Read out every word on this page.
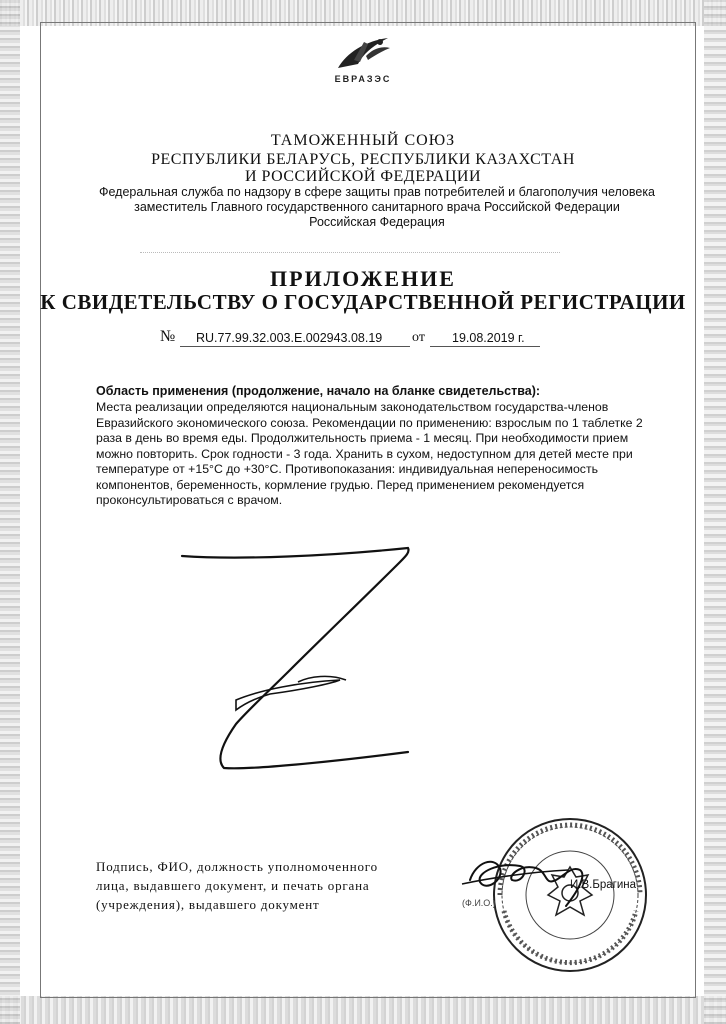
ЕВРАЗЭС
ТАМОЖЕННЫЙ СОЮЗ
РЕСПУБЛИКИ БЕЛАРУСЬ, РЕСПУБЛИКИ КАЗАХСТАН
И РОССИЙСКОЙ ФЕДЕРАЦИИ
Федеральная служба по надзору в сфере защиты прав потребителей и благополучия человека
заместитель Главного государственного санитарного врача Российской Федерации
Российская Федерация
ПРИЛОЖЕНИЕ
К СВИДЕТЕЛЬСТВУ О ГОСУДАРСТВЕННОЙ РЕГИСТРАЦИИ
№ RU.77.99.32.003.Е.002943.08.19 от 19.08.2019 г.
Область применения (продолжение, начало на бланке свидетельства):
Места реализации определяются национальным законодательством государства-членов
Евразийского экономического союза. Рекомендации по применению: взрослым по 1 таблетке 2
раза в день во время еды. Продолжительность приема - 1 месяц. При необходимости прием
можно повторить. Срок годности - 3 года. Хранить в сухом, недоступном для детей месте при
температуре от +15°С до +30°С. Противопоказания: индивидуальная непереносимость
компонентов, беременность, кормление грудью. Перед применением рекомендуется
проконсультироваться с врачом.
Подпись, ФИО, должность уполномоченного
лица, выдавшего документ, и печать органа
(учреждения), выдавшего документ
И.В.Брагина
(Ф.И.О.)
